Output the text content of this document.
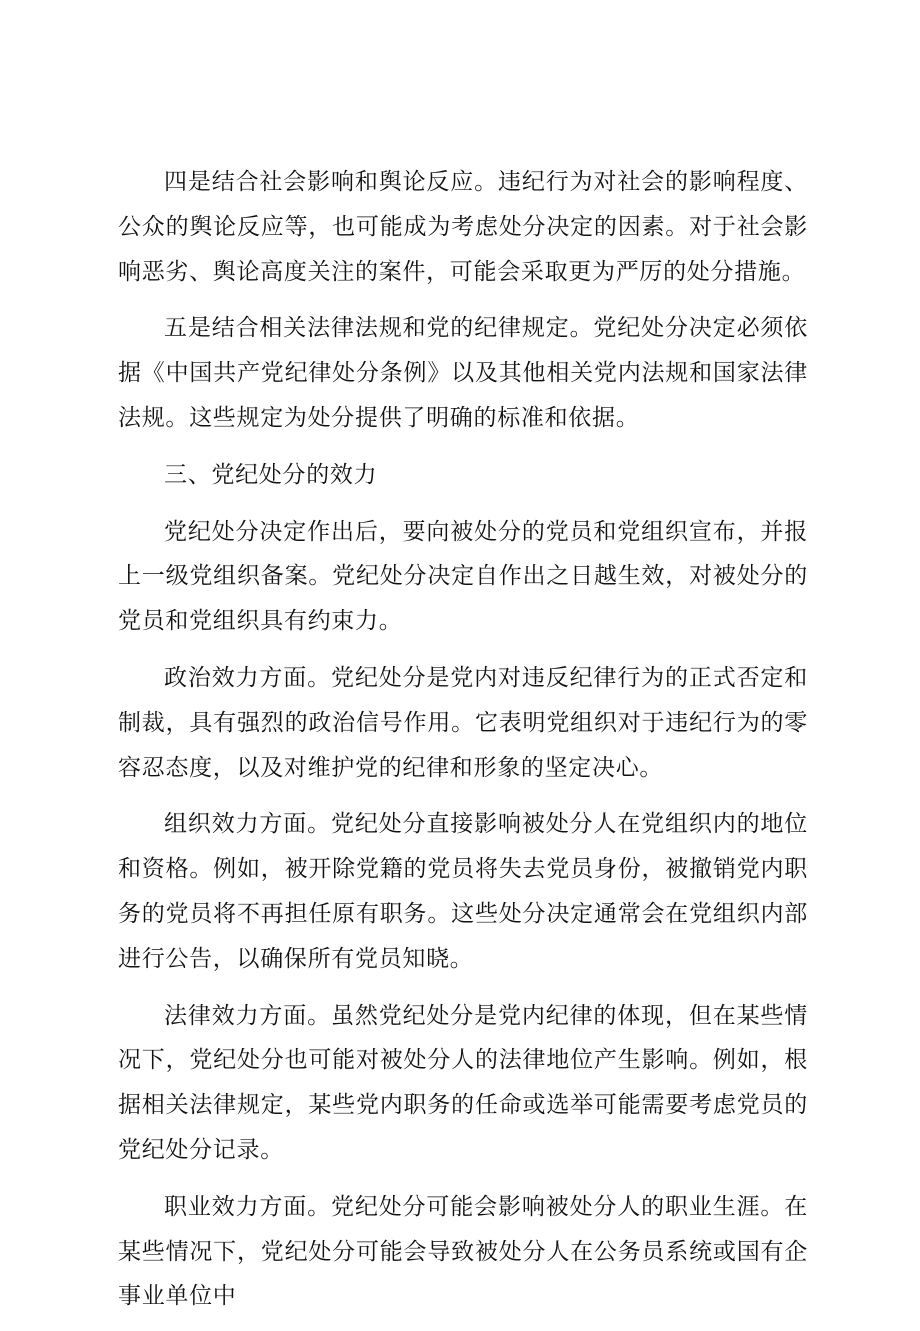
四是结合社会影响和舆论反应。违纪行为对社会的影响程度、公众的舆论反应等，也可能成为考虑处分决定的因素。对于社会影响恶劣、舆论高度关注的案件，可能会采取更为严厉的处分措施。

五是结合相关法律法规和党的纪律规定。党纪处分决定必须依据《中国共产党纪律处分条例》以及其他相关党内法规和国家法律法规。这些规定为处分提供了明确的标准和依据。

三、党纪处分的效力

党纪处分决定作出后，要向被处分的党员和党组织宣布，并报上一级党组织备案。党纪处分决定自作出之日越生效，对被处分的党员和党组织具有约束力。

政治效力方面。党纪处分是党内对违反纪律行为的正式否定和制裁，具有强烈的政治信号作用。它表明党组织对于违纪行为的零容忍态度，以及对维护党的纪律和形象的坚定决心。

组织效力方面。党纪处分直接影响被处分人在党组织内的地位和资格。例如，被开除党籍的党员将失去党员身份，被撤销党内职务的党员将不再担任原有职务。这些处分决定通常会在党组织内部进行公告，以确保所有党员知晓。

法律效力方面。虽然党纪处分是党内纪律的体现，但在某些情况下，党纪处分也可能对被处分人的法律地位产生影响。例如，根据相关法律规定，某些党内职务的任命或选举可能需要考虑党员的党纪处分记录。

职业效力方面。党纪处分可能会影响被处分人的职业生涯。在某些情况下，党纪处分可能会导致被处分人在公务员系统或国有企事业单位中
